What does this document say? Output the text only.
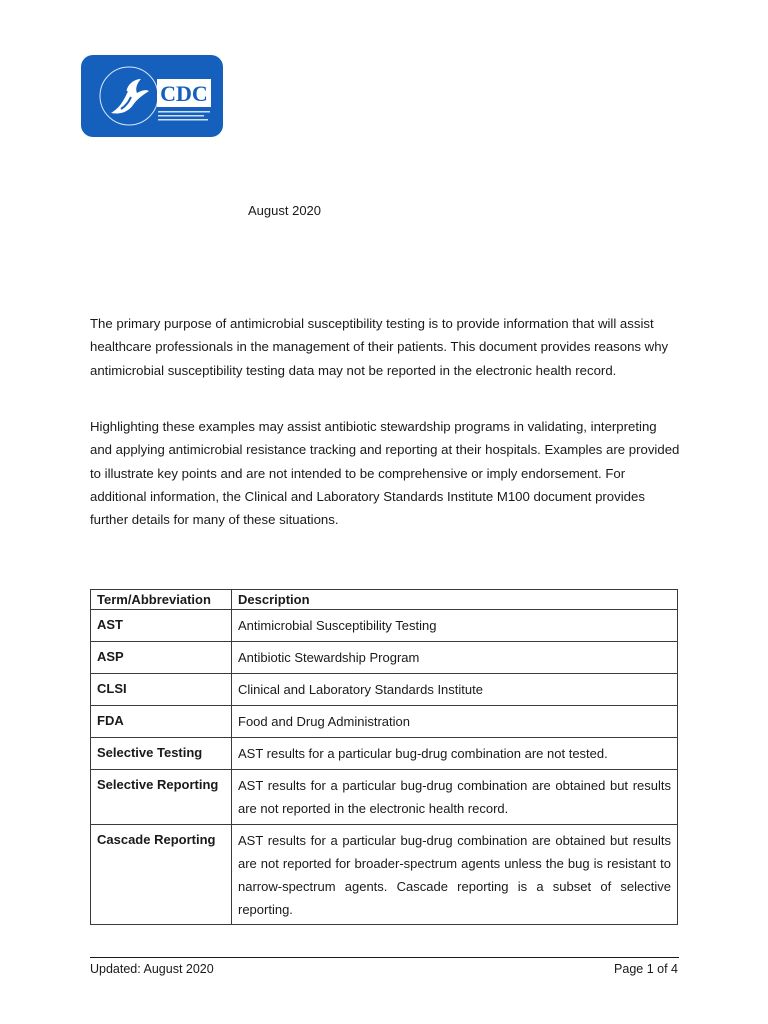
CDC
August 2020

The primary purpose of antimicrobial susceptibility testing is to provide information that will assist healthcare professionals in the management of their patients. This document provides reasons why antimicrobial susceptibility testing data may not be reported in the electronic health record.

Highlighting these examples may assist antibiotic stewardship programs in validating, interpreting and applying antimicrobial resistance tracking and reporting at their hospitals. Examples are provided to illustrate key points and are not intended to be comprehensive or imply endorsement. For additional information, the Clinical and Laboratory Standards Institute M100 document provides further details for many of these situations.

Term/Abbreviation	Description
AST	Antimicrobial Susceptibility Testing
ASP	Antibiotic Stewardship Program
CLSI	Clinical and Laboratory Standards Institute
FDA	Food and Drug Administration
Selective Testing	AST results for a particular bug-drug combination are not tested.
Selective Reporting	AST results for a particular bug-drug combination are obtained but results are not reported in the electronic health record.
Cascade Reporting	AST results for a particular bug-drug combination are obtained but results are not reported for broader-spectrum agents unless the bug is resistant to narrow-spectrum agents. Cascade reporting is a subset of selective reporting.
Updated: August 2020	Page 1 of 4
